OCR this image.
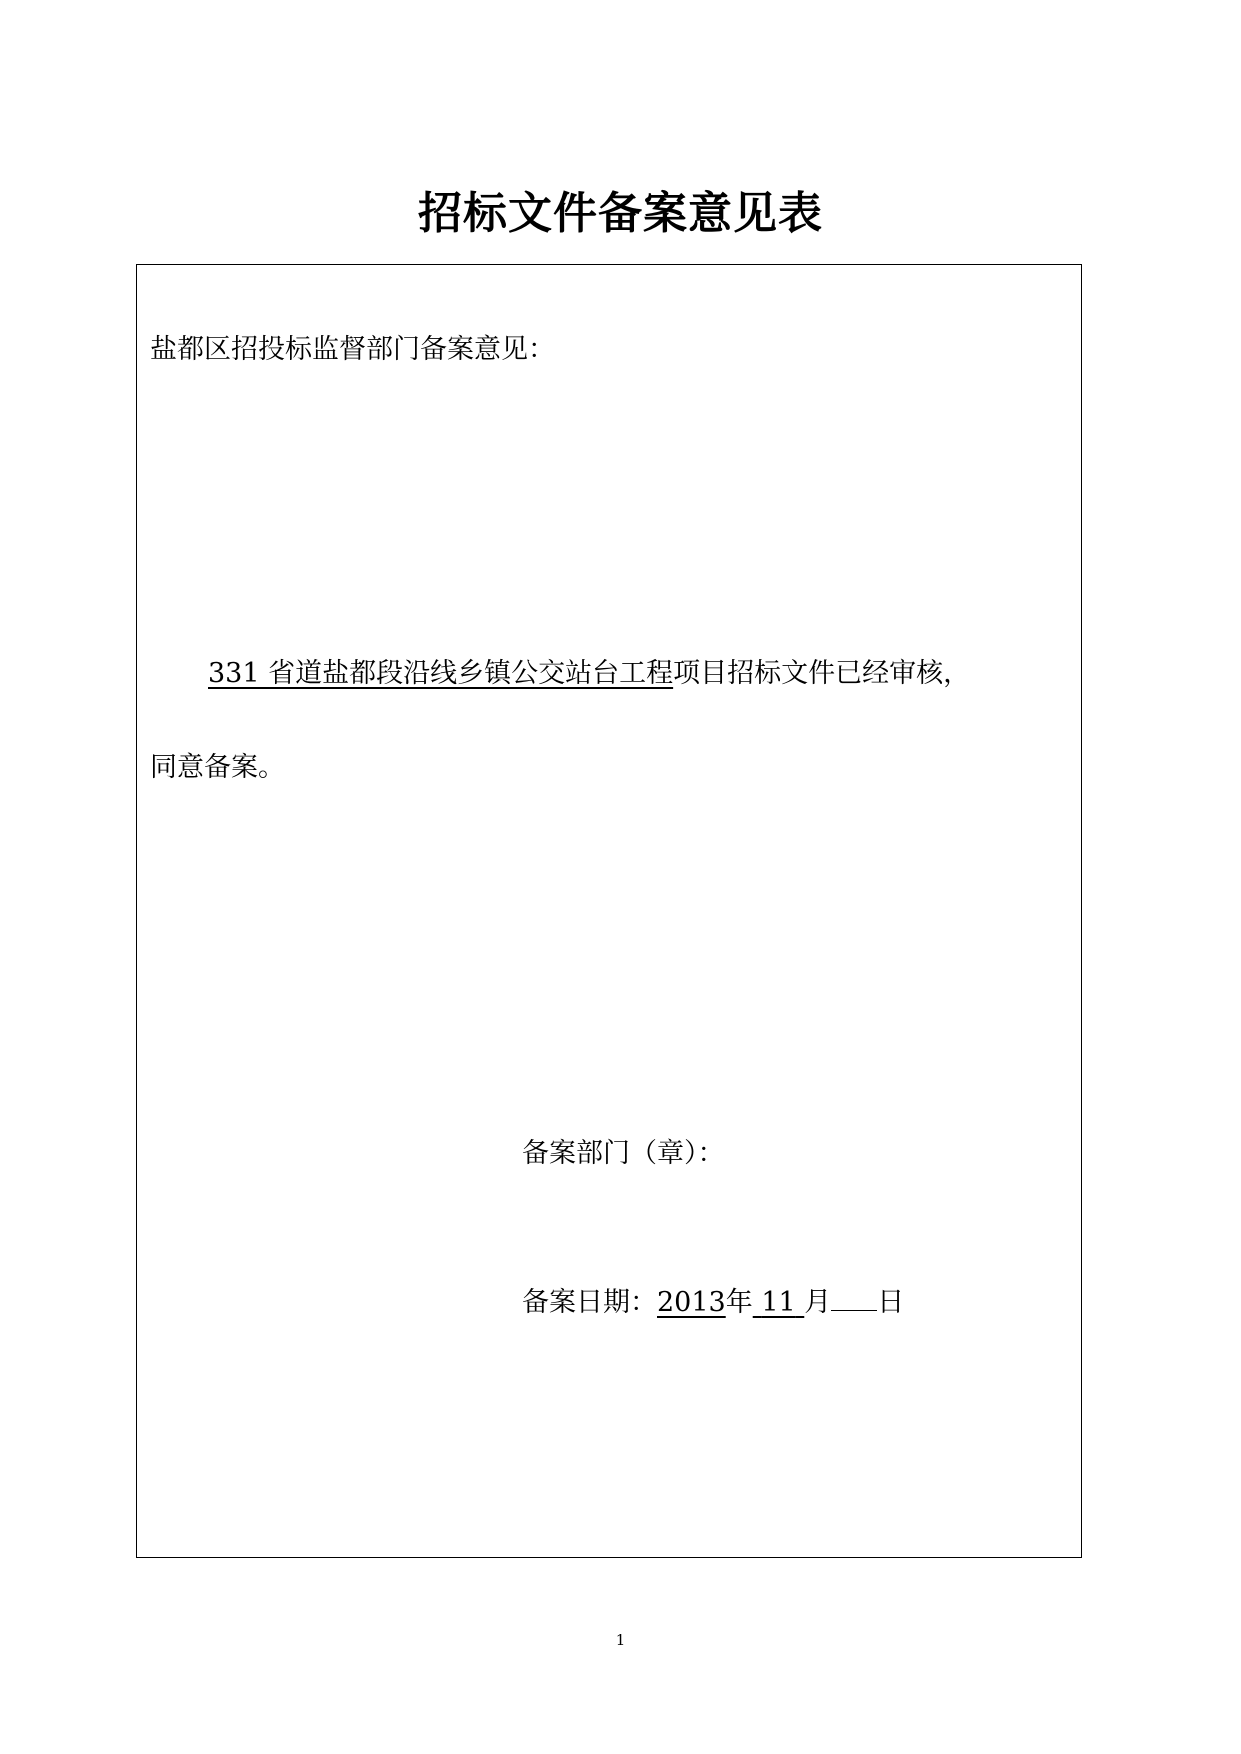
招标文件备案意见表
盐都区招投标监督部门备案意见：
331 省道盐都段沿线乡镇公交站台工程项目招标文件已经审核，
同意备案。
备案部门（章）：
备案日期：2013年 11 月 日
1
